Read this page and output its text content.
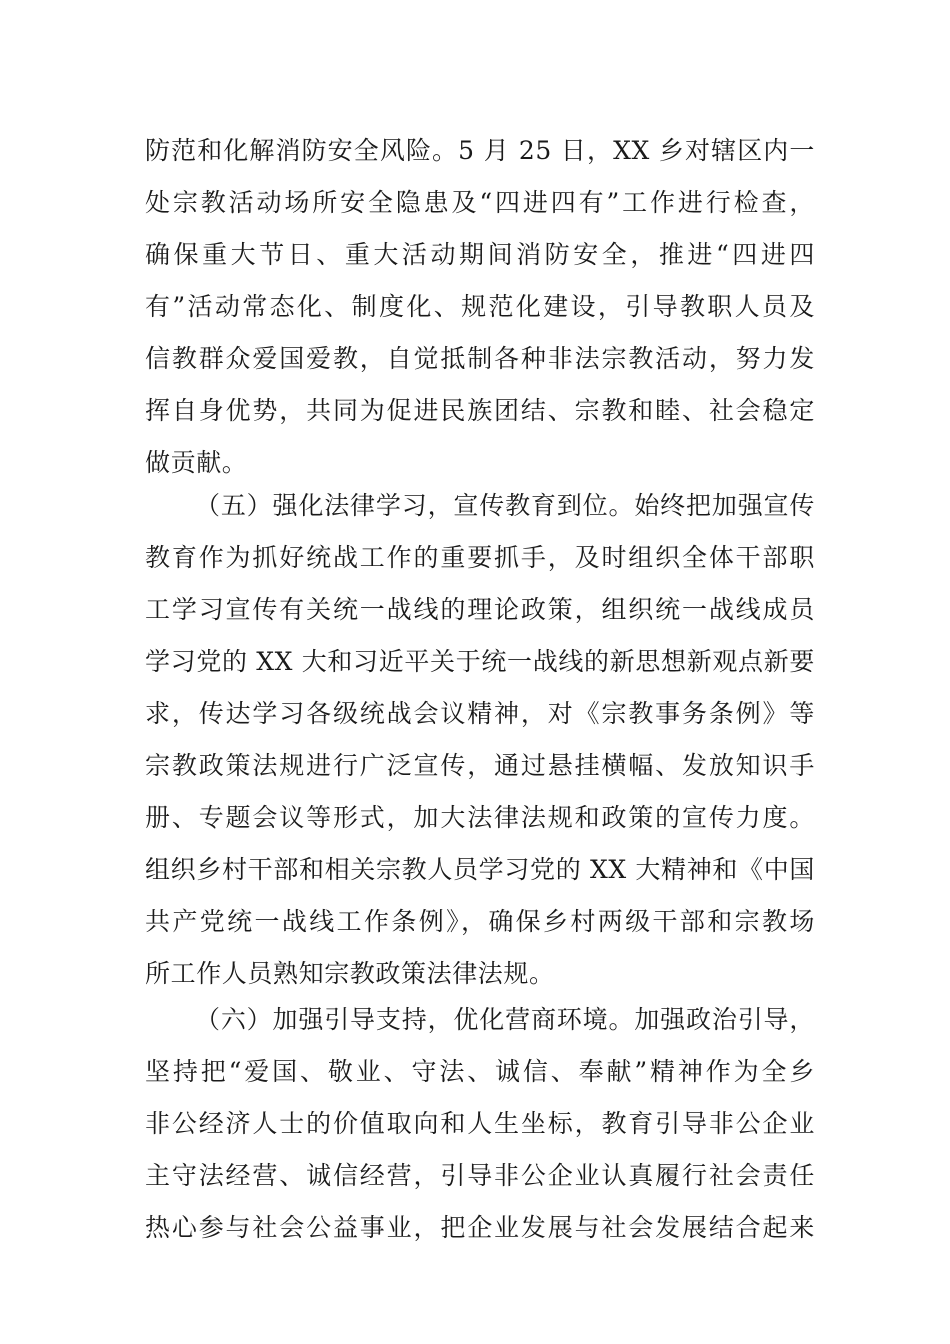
防范和化解消防安全风险。5 月 25 日，XX 乡对辖区内一
处宗教活动场所安全隐患及“四进四有”工作进行检查，
确保重大节日、重大活动期间消防安全，推进“四进四
有”活动常态化、制度化、规范化建设，引导教职人员及
信教群众爱国爱教，自觉抵制各种非法宗教活动，努力发
挥自身优势，共同为促进民族团结、宗教和睦、社会稳定
做贡献。
（五）强化法律学习，宣传教育到位。始终把加强宣传
教育作为抓好统战工作的重要抓手，及时组织全体干部职
工学习宣传有关统一战线的理论政策，组织统一战线成员
学习党的 XX 大和习近平关于统一战线的新思想新观点新要
求，传达学习各级统战会议精神，对《宗教事务条例》等
宗教政策法规进行广泛宣传，通过悬挂横幅、发放知识手
册、专题会议等形式，加大法律法规和政策的宣传力度。
组织乡村干部和相关宗教人员学习党的 XX 大精神和《中国
共产党统一战线工作条例》，确保乡村两级干部和宗教场
所工作人员熟知宗教政策法律法规。
（六）加强引导支持，优化营商环境。加强政治引导，
坚持把“爱国、敬业、守法、诚信、奉献”精神作为全乡
非公经济人士的价值取向和人生坐标，教育引导非公企业
主守法经营、诚信经营，引导非公企业认真履行社会责任
热心参与社会公益事业，把企业发展与社会发展结合起来
